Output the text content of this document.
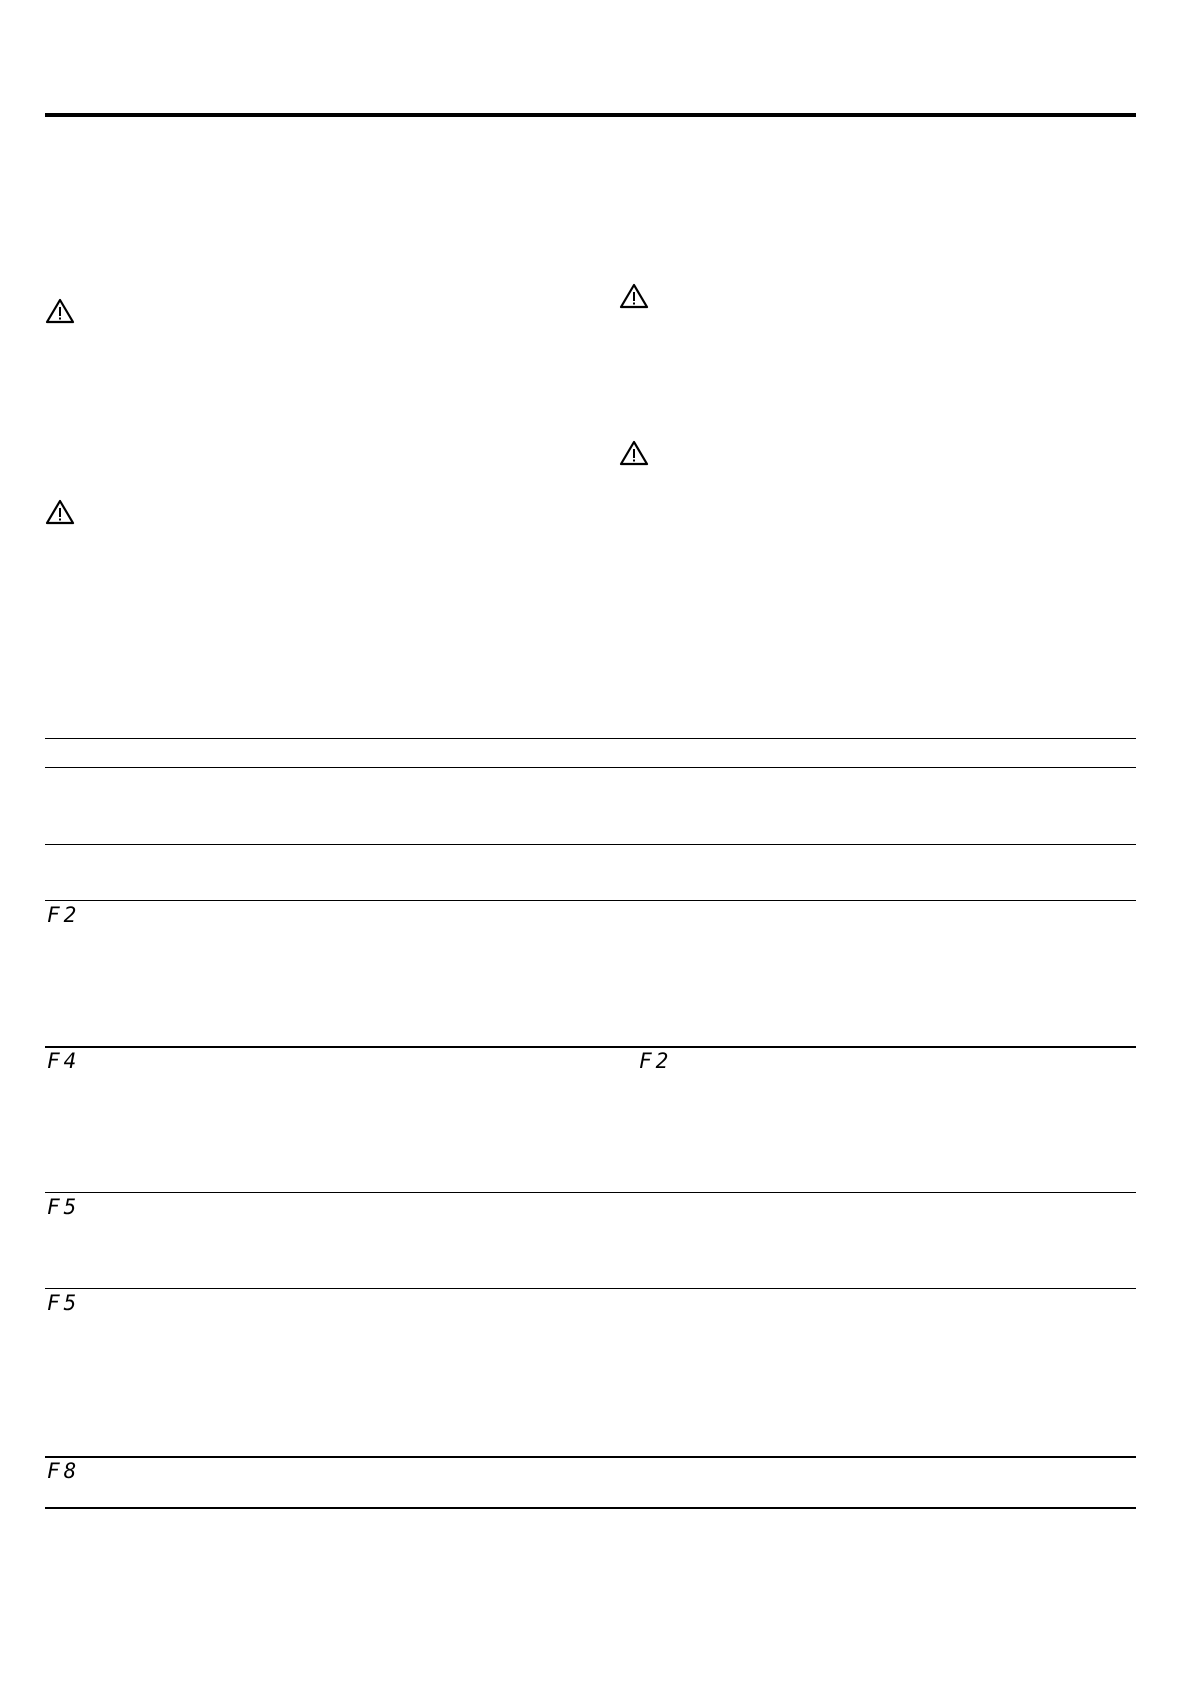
F2
F4	F2
F5
F5
F8
